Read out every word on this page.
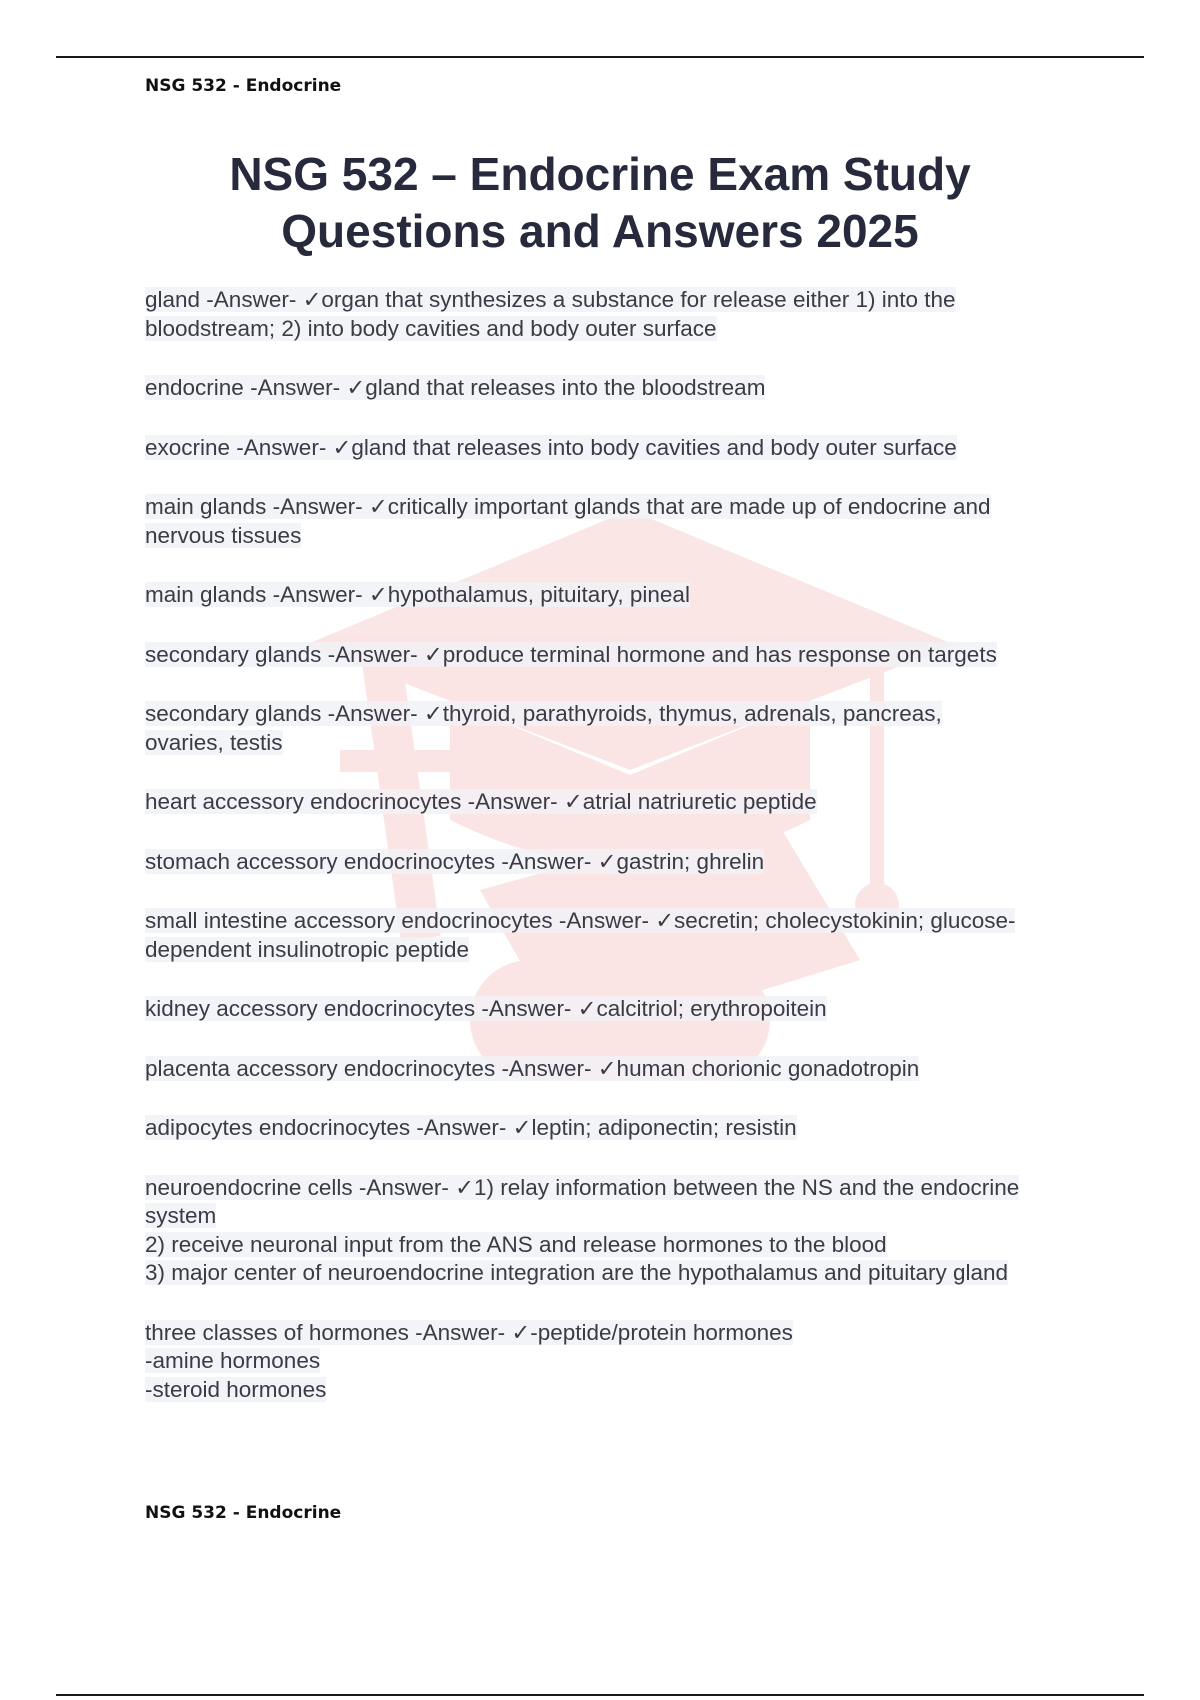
NSG 532 - Endocrine
NSG 532 – Endocrine Exam Study
Questions and Answers 2025
gland -Answer- ✓organ that synthesizes a substance for release either 1) into the
bloodstream; 2) into body cavities and body outer surface
endocrine -Answer- ✓gland that releases into the bloodstream
exocrine -Answer- ✓gland that releases into body cavities and body outer surface
main glands -Answer- ✓critically important glands that are made up of endocrine and
nervous tissues
main glands -Answer- ✓hypothalamus, pituitary, pineal
secondary glands -Answer- ✓produce terminal hormone and has response on targets
secondary glands -Answer- ✓thyroid, parathyroids, thymus, adrenals, pancreas,
ovaries, testis
heart accessory endocrinocytes -Answer- ✓atrial natriuretic peptide
stomach accessory endocrinocytes -Answer- ✓gastrin; ghrelin
small intestine accessory endocrinocytes -Answer- ✓secretin; cholecystokinin; glucose-
dependent insulinotropic peptide
kidney accessory endocrinocytes -Answer- ✓calcitriol; erythropoitein
placenta accessory endocrinocytes -Answer- ✓human chorionic gonadotropin
adipocytes endocrinocytes -Answer- ✓leptin; adiponectin; resistin
neuroendocrine cells -Answer- ✓1) relay information between the NS and the endocrine
system
2) receive neuronal input from the ANS and release hormones to the blood
3) major center of neuroendocrine integration are the hypothalamus and pituitary gland
three classes of hormones -Answer- ✓-peptide/protein hormones
-amine hormones
-steroid hormones
NSG 532 - Endocrine
